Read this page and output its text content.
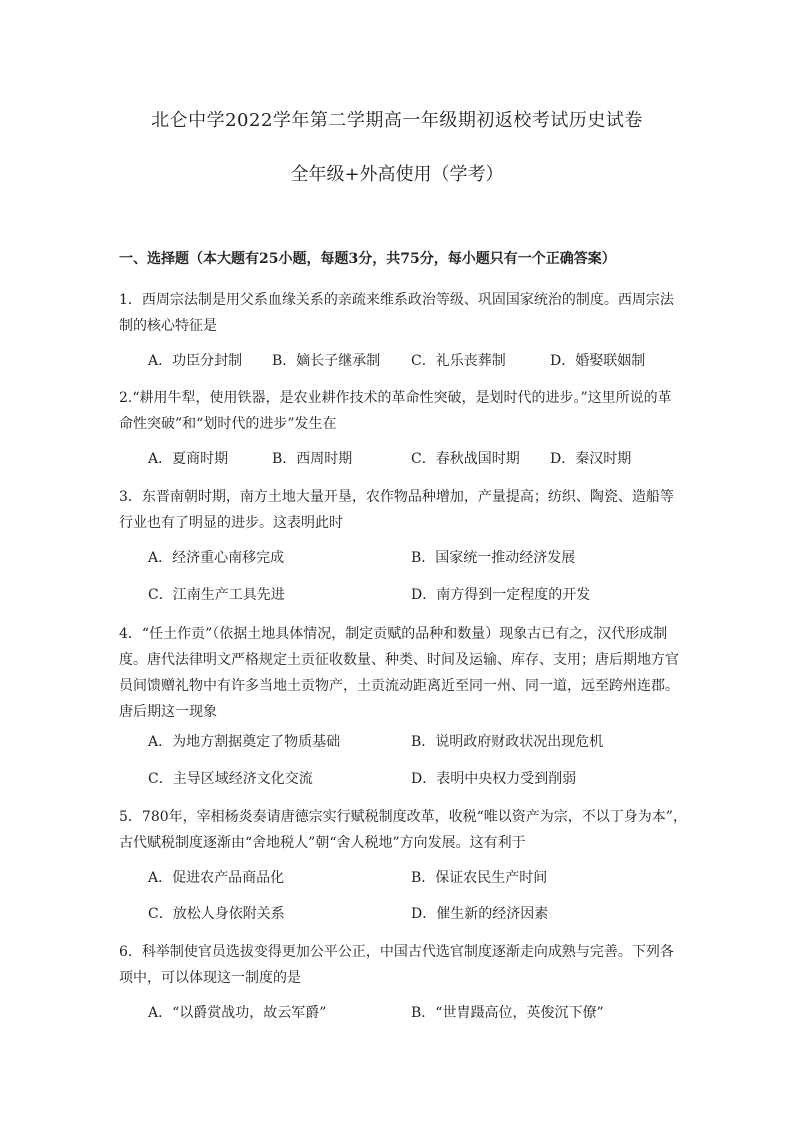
北仑中学2022学年第二学期高一年级期初返校考试历史试卷
全年级+外高使用（学考）
一、选择题（本大题有25小题，每题3分，共75分，每小题只有一个正确答案）
1．西周宗法制是用父系血缘关系的亲疏来维系政治等级、巩固国家统治的制度。西周宗法
制的核心特征是
A．功臣分封制 B．嫡长子继承制 C．礼乐丧葬制	D．婚娶联姻制
2.“耕用牛犁，使用铁器，是农业耕作技术的革命性突破，是划时代的进步。”这里所说的革
命性突破”和“划时代的进步”发生在
A．夏商时期	B．西周时期	C．春秋战国时期 D．秦汉时期
3．东晋南朝时期，南方土地大量开垦，农作物品种增加，产量提高；纺织、陶瓷、造船等
行业也有了明显的进步。这表明此时
A．经济重心南移完成	B．国家统一推动经济发展
C．江南生产工具先进	D．南方得到一定程度的开发
4．“任土作贡”（依据土地具体情况，制定贡赋的品种和数量）现象古已有之，汉代形成制
度。唐代法律明文严格规定土贡征收数量、种类、时间及运输、库存、支用；唐后期地方官
员间馈赠礼物中有许多当地土贡物产，土贡流动距离近至同一州、同一道，远至跨州连郡。
唐后期这一现象
A．为地方割据奠定了物质基础	B．说明政府财政状况出现危机
C．主导区域经济文化交流	D．表明中央权力受到削弱
5．780年，宰相杨炎奏请唐德宗实行赋税制度改革，收税“唯以资产为宗，不以丁身为本”，
古代赋税制度逐渐由“舍地税人”朝“舍人税地”方向发展。这有利于
A．促进农产品商品化	B．保证农民生产时间
C．放松人身依附关系	D．催生新的经济因素
6．科举制使官员选拔变得更加公平公正，中国古代选官制度逐渐走向成熟与完善。下列各
项中，可以体现这一制度的是
A．“以爵赏战功，故云军爵”	B．“世胄蹑高位，英俊沉下僚”
